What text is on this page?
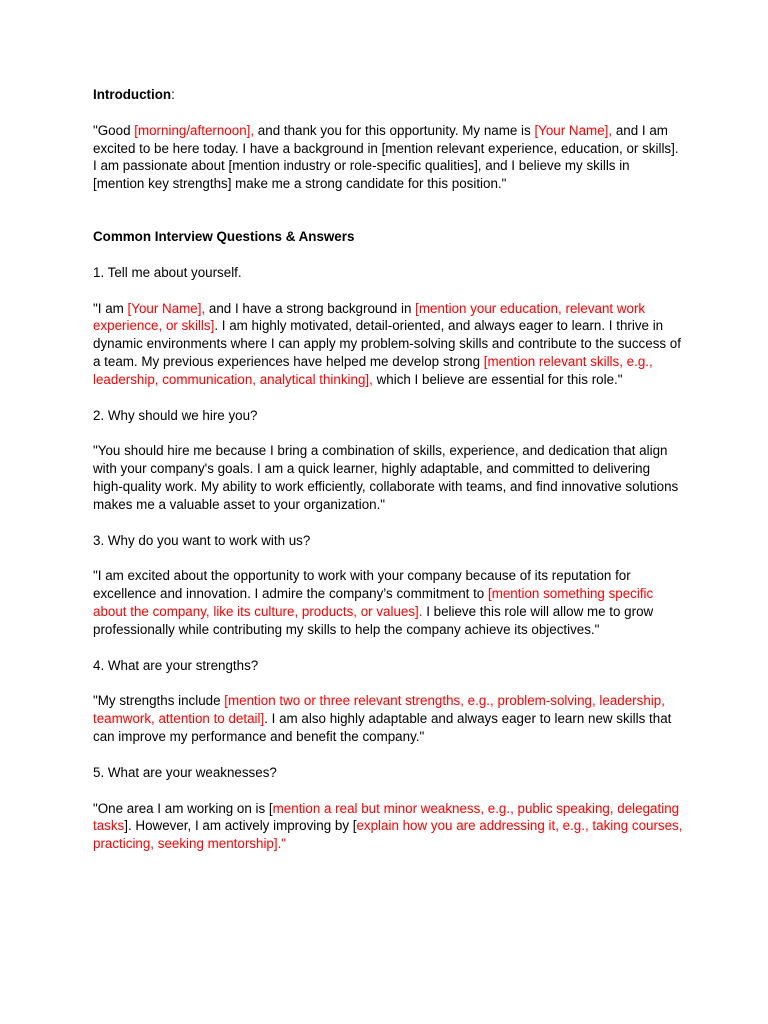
Introduction:

"Good [morning/afternoon], and thank you for this opportunity. My name is [Your Name], and I am excited to be here today. I have a background in [mention relevant experience, education, or skills]. I am passionate about [mention industry or role-specific qualities], and I believe my skills in [mention key strengths] make me a strong candidate for this position."

Common Interview Questions & Answers

1. Tell me about yourself.

"I am [Your Name], and I have a strong background in [mention your education, relevant work experience, or skills]. I am highly motivated, detail-oriented, and always eager to learn. I thrive in dynamic environments where I can apply my problem-solving skills and contribute to the success of a team. My previous experiences have helped me develop strong [mention relevant skills, e.g., leadership, communication, analytical thinking], which I believe are essential for this role."

2. Why should we hire you?

"You should hire me because I bring a combination of skills, experience, and dedication that align with your company's goals. I am a quick learner, highly adaptable, and committed to delivering high-quality work. My ability to work efficiently, collaborate with teams, and find innovative solutions makes me a valuable asset to your organization."

3. Why do you want to work with us?

"I am excited about the opportunity to work with your company because of its reputation for excellence and innovation. I admire the company’s commitment to [mention something specific about the company, like its culture, products, or values]. I believe this role will allow me to grow professionally while contributing my skills to help the company achieve its objectives."

4. What are your strengths?

"My strengths include [mention two or three relevant strengths, e.g., problem-solving, leadership, teamwork, attention to detail]. I am also highly adaptable and always eager to learn new skills that can improve my performance and benefit the company."

5. What are your weaknesses?

"One area I am working on is [mention a real but minor weakness, e.g., public speaking, delegating tasks]. However, I am actively improving by [explain how you are addressing it, e.g., taking courses, practicing, seeking mentorship]."
